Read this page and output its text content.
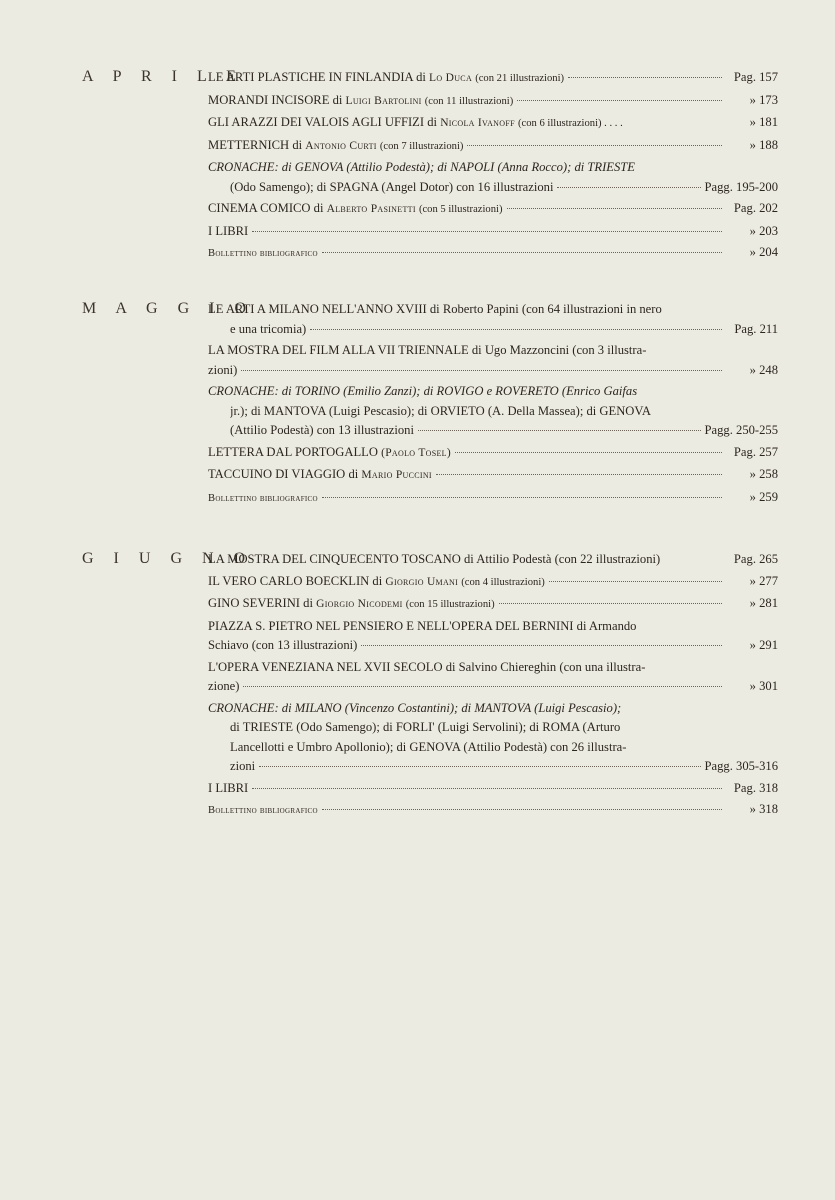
A P R I L E
LE ARTI PLASTICHE IN FINLANDIA di Lo Duca (con 21 illustrazioni)	Pag. 157
MORANDI INCISORE di Luigi Bartolini (con 11 illustrazioni)	» 173
GLI ARAZZI DEI VALOIS AGLI UFFIZI di Nicola Ivanoff (con 6 illustrazioni) . . . .	» 181
METTERNICH di Antonio Curti (con 7 illustrazioni)	» 188
CRONACHE: di GENOVA (Attilio Podestà); di NAPOLI (Anna Rocco); di TRIESTE
(Odo Samengo); di SPAGNA (Angel Dotor) con 16 illustrazioni	Pagg. 195-200
CINEMA COMICO di Alberto Pasinetti (con 5 illustrazioni)	Pag. 202
I LIBRI	» 203
Bollettino bibliografico	» 204
M A G G I O
LE ARTI A MILANO NELL'ANNO XVIII di Roberto Papini (con 64 illustrazioni in nero
e una tricomia)	Pag. 211
LA MOSTRA DEL FILM ALLA VII TRIENNALE di Ugo Mazzoncini (con 3 illustra-
zioni)	» 248
CRONACHE: di TORINO (Emilio Zanzi); di ROVIGO e ROVERETO (Enrico Gaifas
jr.); di MANTOVA (Luigi Pescasio); di ORVIETO (A. Della Massea); di GENOVA
(Attilio Podestà) con 13 illustrazioni	Pagg. 250-255
LETTERA DAL PORTOGALLO (Paolo Tosel)	Pag. 257
TACCUINO DI VIAGGIO di Mario Puccini	» 258
Bollettino bibliografico	» 259
G I U G N O
LA MOSTRA DEL CINQUECENTO TOSCANO di Attilio Podestà (con 22 illustrazioni)	Pag. 265
IL VERO CARLO BOECKLIN di Giorgio Umani (con 4 illustrazioni)	» 277
GINO SEVERINI di Giorgio Nicodemi (con 15 illustrazioni)	» 281
PIAZZA S. PIETRO NEL PENSIERO E NELL'OPERA DEL BERNINI di Armando
Schiavo (con 13 illustrazioni)	» 291
L'OPERA VENEZIANA NEL XVII SECOLO di Salvino Chiereghin (con una illustra-
zione)	» 301
CRONACHE: di MILANO (Vincenzo Costantini); di MANTOVA (Luigi Pescasio);
di TRIESTE (Odo Samengo); di FORLI' (Luigi Servolini); di ROMA (Arturo
Lancellotti e Umbro Apollonio); di GENOVA (Attilio Podestà) con 26 illustra-
zioni	Pagg. 305-316
I LIBRI	Pag. 318
Bollettino bibliografico	» 318
